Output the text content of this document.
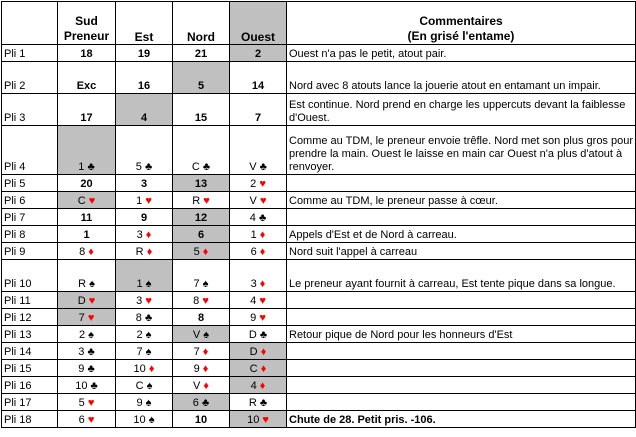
	Sud
Preneur	Est	Nord	Ouest	Commentaires
(En grisé l'entame)
Pli 1	18	19	21	2	Ouest n'a pas le petit, atout pair.
Pli 2	Exc	16	5	14	Nord avec 8 atouts lance la jouerie atout en entamant un impair.
Pli 3	17	4	15	7	Est continue. Nord prend en charge les uppercuts devant la faiblesse d'Ouest.
Pli 4	1 ♣	5 ♣	C ♣	V ♣	Comme au TDM, le preneur envoie trêfle. Nord met son plus gros pour prendre la main. Ouest le laisse en main car Ouest n'a plus d'atout à renvoyer.
Pli 5	20	3	13	2 ♥	
Pli 6	C ♥	1 ♥	R ♥	V ♥	Comme au TDM, le preneur passe à cœur.
Pli 7	11	9	12	4 ♣	
Pli 8	1	3 ♦	6	1 ♦	Appels d'Est et de Nord à carreau.
Pli 9	8 ♦	R ♦	5 ♦	6 ♦	Nord suit l'appel à carreau
Pli 10	R ♠	1 ♠	7 ♠	3 ♦	Le preneur ayant fournit à carreau, Est tente pique dans sa longue.
Pli 11	D ♥	3 ♥	8 ♥	4 ♥	
Pli 12	7 ♥	8 ♣	8	9 ♥	
Pli 13	2 ♠	2 ♠	V ♠	D ♣	Retour pique de Nord pour les honneurs d'Est
Pli 14	3 ♣	7 ♠	7 ♦	D ♦	
Pli 15	9 ♣	10 ♦	9 ♦	C ♦	
Pli 16	10 ♣	C ♠	V ♦	4 ♦	
Pli 17	5 ♥	9 ♠	6 ♣	R ♣	
Pli 18	6 ♥	10 ♠	10	10 ♥	Chute de 28. Petit pris. -106.
